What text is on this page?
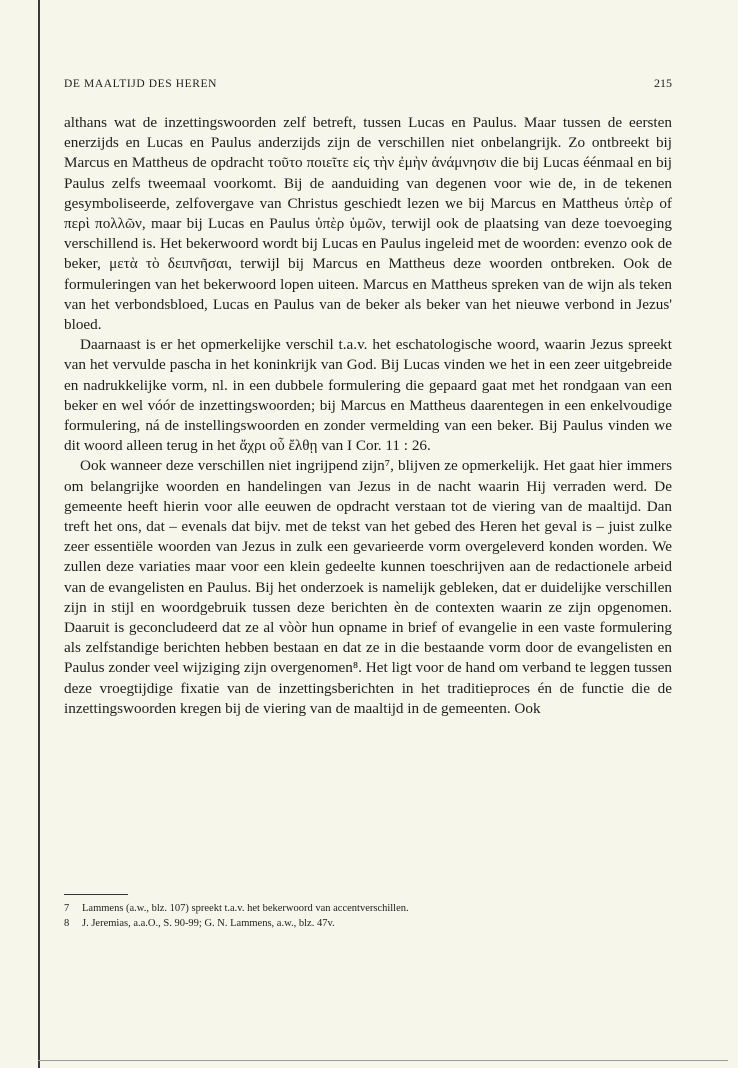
DE MAALTIJD DES HEREN	215

althans wat de inzettingswoorden zelf betreft, tussen Lucas en Paulus. Maar tussen de eersten enerzijds en Lucas en Paulus anderzijds zijn de verschillen niet onbelangrijk. Zo ontbreekt bij Marcus en Mattheus de opdracht τοῦτο ποιεῖτε εἰς τὴν ἐμὴν ἀνάμνησιν die bij Lucas éénmaal en bij Paulus zelfs tweemaal voorkomt. Bij de aanduiding van degenen voor wie de, in de tekenen gesymboliseerde, zelfovergave van Christus geschiedt lezen we bij Marcus en Mattheus ὑπὲρ of περὶ πολλῶν, maar bij Lucas en Paulus ὑπὲρ ὑμῶν, terwijl ook de plaatsing van deze toevoeging verschillend is. Het bekerwoord wordt bij Lucas en Paulus ingeleid met de woorden: evenzo ook de beker, μετὰ τὸ δειπνῆσαι, terwijl bij Marcus en Mattheus deze woorden ontbreken. Ook de formuleringen van het bekerwoord lopen uiteen. Marcus en Mattheus spreken van de wijn als teken van het verbondsbloed, Lucas en Paulus van de beker als beker van het nieuwe verbond in Jezus' bloed.

Daarnaast is er het opmerkelijke verschil t.a.v. het eschatologische woord, waarin Jezus spreekt van het vervulde pascha in het koninkrijk van God. Bij Lucas vinden we het in een zeer uitgebreide en nadrukkelijke vorm, nl. in een dubbele formulering die gepaard gaat met het rondgaan van een beker en wel vóór de inzettingswoorden; bij Marcus en Mattheus daarentegen in een enkelvoudige formulering, ná de instellingswoorden en zonder vermelding van een beker. Bij Paulus vinden we dit woord alleen terug in het ἄχρι οὗ ἔλθῃ van I Cor. 11 : 26.

Ook wanneer deze verschillen niet ingrijpend zijn⁷, blijven ze opmerkelijk. Het gaat hier immers om belangrijke woorden en handelingen van Jezus in de nacht waarin Hij verraden werd. De gemeente heeft hierin voor alle eeuwen de opdracht verstaan tot de viering van de maaltijd. Dan treft het ons, dat – evenals dat bijv. met de tekst van het gebed des Heren het geval is – juist zulke zeer essentiële woorden van Jezus in zulk een gevarieerde vorm overgeleverd konden worden. We zullen deze variaties maar voor een klein gedeelte kunnen toeschrijven aan de redactionele arbeid van de evangelisten en Paulus. Bij het onderzoek is namelijk gebleken, dat er duidelijke verschillen zijn in stijl en woordgebruik tussen deze berichten èn de contexten waarin ze zijn opgenomen. Daaruit is geconcludeerd dat ze al vòòr hun opname in brief of evangelie in een vaste formulering als zelfstandige berichten hebben bestaan en dat ze in die bestaande vorm door de evangelisten en Paulus zonder veel wijziging zijn overgenomen⁸. Het ligt voor de hand om verband te leggen tussen deze vroegtijdige fixatie van de inzettingsberichten in het traditieproces én de functie die de inzettingswoorden kregen bij de viering van de maaltijd in de gemeenten. Ook

7 Lammens (a.w., blz. 107) spreekt t.a.v. het bekerwoord van accentverschillen.

8 J. Jeremias, a.a.O., S. 90-99; G. N. Lammens, a.w., blz. 47v.
